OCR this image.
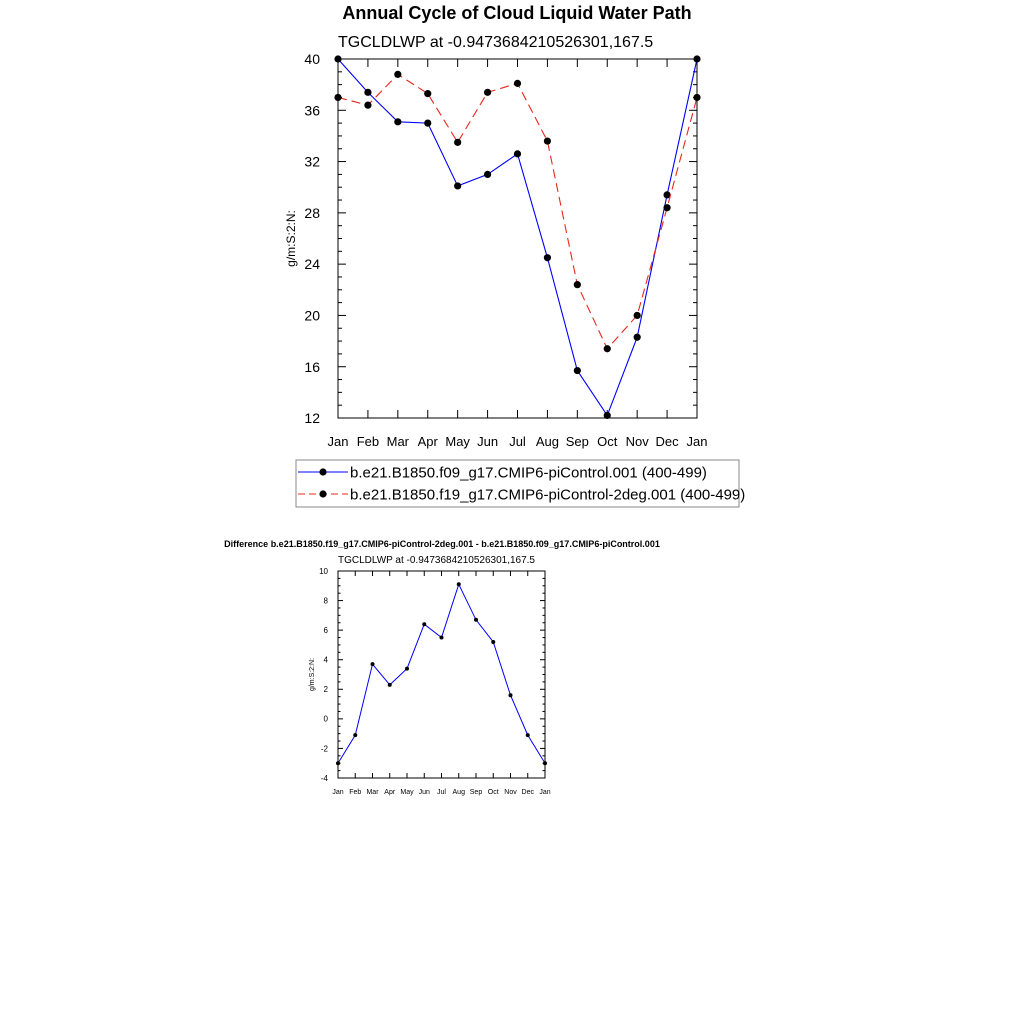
Annual Cycle of Cloud Liquid Water Path
TGCLDLWP at -0.9473684210526301,167.5
12
16
20
24
28
32
36
40
Jan Feb Mar Apr May Jun Jul Aug Sep Oct Nov Dec Jan
g/m:S:2:N:
b.e21.B1850.f09_g17.CMIP6-piControl.001 (400-499)
b.e21.B1850.f19_g17.CMIP6-piControl-2deg.001 (400-499)
Difference b.e21.B1850.f19_g17.CMIP6-piControl-2deg.001 - b.e21.B1850.f09_g17.CMIP6-piControl.001
TGCLDLWP at -0.9473684210526301,167.5
-4
-2
0
2
4
6
8
10
Jan Feb Mar Apr May Jun Jul Aug Sep Oct Nov Dec Jan
g/m:S:2:N:
